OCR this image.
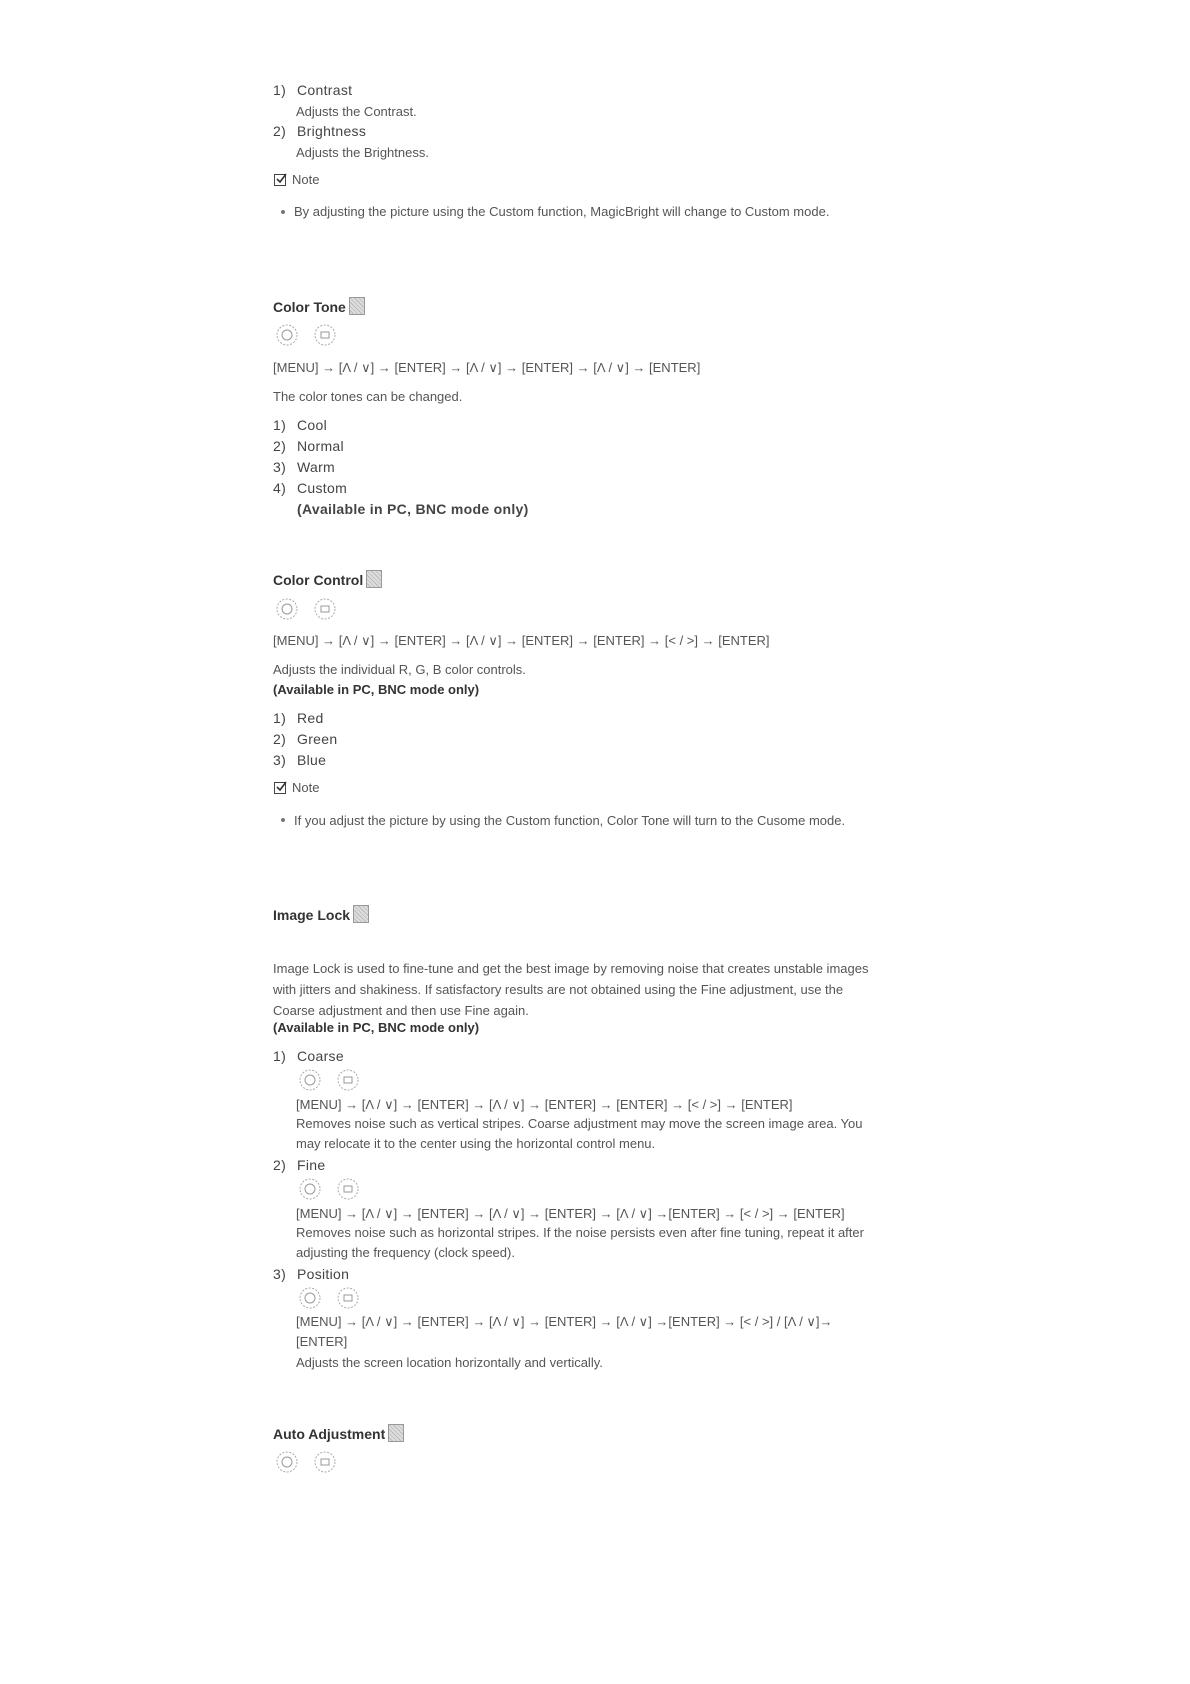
1) Contrast
Adjusts the Contrast.
2) Brightness
Adjusts the Brightness.
Note
By adjusting the picture using the Custom function, MagicBright will change to Custom mode.
Color Tone
[MENU] → [Λ / ∨] → [ENTER] → [Λ / ∨] → [ENTER] → [Λ / ∨] → [ENTER]
The color tones can be changed.
1) Cool
2) Normal
3) Warm
4) Custom
(Available in PC, BNC mode only)
Color Control
[MENU] → [Λ / ∨] → [ENTER] → [Λ / ∨] → [ENTER] → [ENTER] → [< / >] → [ENTER]
Adjusts the individual R, G, B color controls.
(Available in PC, BNC mode only)
1) Red
2) Green
3) Blue
Note
If you adjust the picture by using the Custom function, Color Tone will turn to the Cusome mode.
Image Lock
Image Lock is used to fine-tune and get the best image by removing noise that creates unstable images with jitters and shakiness. If satisfactory results are not obtained using the Fine adjustment, use the Coarse adjustment and then use Fine again.
(Available in PC, BNC mode only)
1) Coarse
[MENU] → [Λ / ∨] → [ENTER] → [Λ / ∨] → [ENTER] → [ENTER] → [< / >] → [ENTER]
Removes noise such as vertical stripes. Coarse adjustment may move the screen image area. You may relocate it to the center using the horizontal control menu.
2) Fine
[MENU] → [Λ / ∨] → [ENTER] → [Λ / ∨] → [ENTER] → [Λ / ∨] →[ENTER] → [< / >] → [ENTER]
Removes noise such as horizontal stripes. If the noise persists even after fine tuning, repeat it after adjusting the frequency (clock speed).
3) Position
[MENU] → [Λ / ∨] → [ENTER] → [Λ / ∨] → [ENTER] → [Λ / ∨] →[ENTER] → [< / >] / [Λ / ∨]→ [ENTER]
Adjusts the screen location horizontally and vertically.
Auto Adjustment
